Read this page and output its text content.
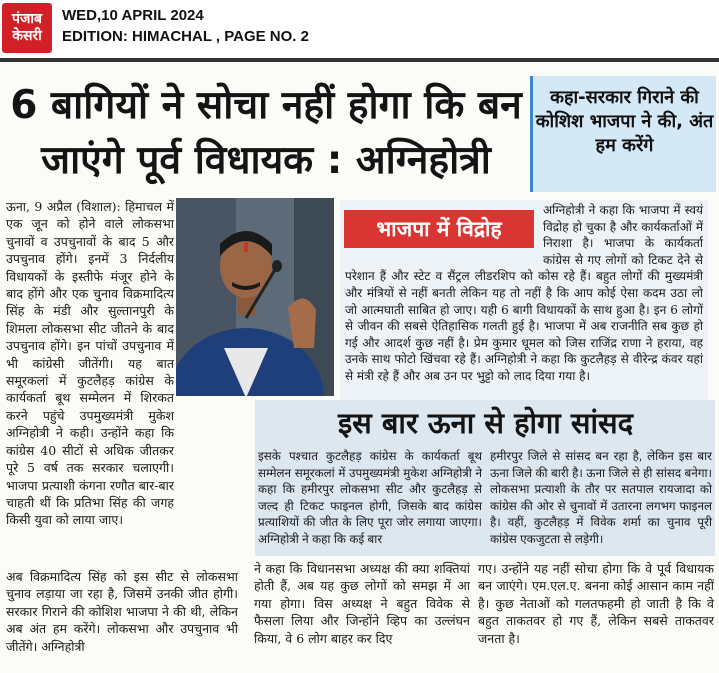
पंजाब
केसरी
WED,10 APRIL 2024
EDITION: HIMACHAL , PAGE NO. 2
6 बागियों ने सोचा नहीं होगा कि बन
जाएंगे पूर्व विधायक : अग्निहोत्री
कहा-सरकार गिराने की कोशिश भाजपा ने की, अंत हम करेंगे
ऊना, 9 अप्रैल (विशाल): हिमाचल में एक जून को होने वाले लोकसभा चुनावों व उपचुनावों के बाद 5 और उपचुनाव होंगे। इनमें 3 निर्दलीय विधायकों के इस्तीफे मंजूर होने के बाद होंगे और एक चुनाव विक्रमादित्य सिंह के मंडी और सुल्तानपुरी के शिमला लोकसभा सीट जीतने के बाद उपचुनाव होंगे। इन पांचों उपचुनाव में भी कांग्रेसी जीतेंगी। यह बात समूरकलां में कुटलैहड़ कांग्रेस के कार्यकर्ता बूथ सम्मेलन में शिरकत करने पहुंचे उपमुख्यमंत्री मुकेश अग्निहोत्री ने कही। उन्होंने कहा कि कांग्रेस 40 सीटों से अधिक जीतकर पूरे 5 वर्ष तक सरकार चलाएगी। भाजपा प्रत्याशी कंगना रणौत बार-बार चाहती थीं कि प्रतिभा सिंह की जगह किसी युवा को लाया जाए।
अग्निहोत्री ने कहा कि भाजपा में स्वयं विद्रोह हो चुका है और कार्यकर्ताओं में निराशा है। भाजपा के कार्यकर्ता कांग्रेस से गए लोगों को टिकट देने से परेशान हैं और स्टेट व सैंट्रल लीडरशिप को कोस रहे हैं। बहुत लोगों की मुख्यमंत्री और मंत्रियों से नहीं बनती लेकिन यह तो नहीं है कि आप कोई ऐसा कदम उठा लो जो आत्मघाती साबित हो जाए। यही 6 बागी विधायकों के साथ हुआ है। इन 6 लोगों से जीवन की सबसे ऐतिहासिक गलती हुई है। भाजपा में अब राजनीति सब कुछ हो गई और आदर्श कुछ नहीं है। प्रेम कुमार धूमल को जिस राजिंद्र राणा ने हराया, वह उनके साथ फोटो खिंचवा रहे हैं। अग्निहोत्री ने कहा कि कुटलैहड़ से वीरेन्द्र कंवर यहां से मंत्री रहे हैं और अब उन पर भुट्टो को लाद दिया गया है।
भाजपा में विद्रोह
इस बार ऊना से होगा सांसद
इसके पश्चात कुटलैहड़ कांग्रेस के कार्यकर्ता बूथ सम्मेलन समूरकलां में उपमुख्यमंत्री मुकेश अग्निहोत्री ने कहा कि हमीरपुर लोकसभा सीट और कुटलैहड़ से जल्द ही टिकट फाइनल होगी, जिसके बाद कांग्रेस प्रत्याशियों की जीत के लिए पूरा जोर लगाया जाएगा। अग्निहोत्री ने कहा कि कई बार
हमीरपुर जिले से सांसद बन रहा है, लेकिन इस बार ऊना जिले की बारी है। ऊना जिले से ही सांसद बनेगा। लोकसभा प्रत्याशी के तौर पर सतपाल रायजादा को कांग्रेस की ओर से चुनावों में उतारना लगभग फाइनल है। वहीं, कुटलैहड़ में विवेक शर्मा का चुनाव पूरी कांग्रेस एकजुटता से लड़ेगी।
अब विक्रमादित्य सिंह को इस सीट से लोकसभा चुनाव लड़ाया जा रहा है, जिसमें उनकी जीत होगी। सरकार गिराने की कोशिश भाजपा ने की थी, लेकिन अब अंत हम करेंगे। लोकसभा और उपचुनाव भी जीतेंगे। अग्निहोत्री
ने कहा कि विधानसभा अध्यक्ष की क्या शक्तियां होती हैं, अब यह कुछ लोगों को समझ में आ गया होगा। विस अध्यक्ष ने बहुत विवेक से फैसला लिया और जिन्होंने व्हिप का उल्लंघन किया, वे 6 लोग बाहर कर दिए
गए। उन्होंने यह नहीं सोचा होगा कि वे पूर्व विधायक बन जाएंगे। एम.एल.ए. बनना कोई आसान काम नहीं है। कुछ नेताओं को गलतफहमी हो जाती है कि वे बहुत ताकतवर हो गए हैं, लेकिन सबसे ताकतवर जनता है।
